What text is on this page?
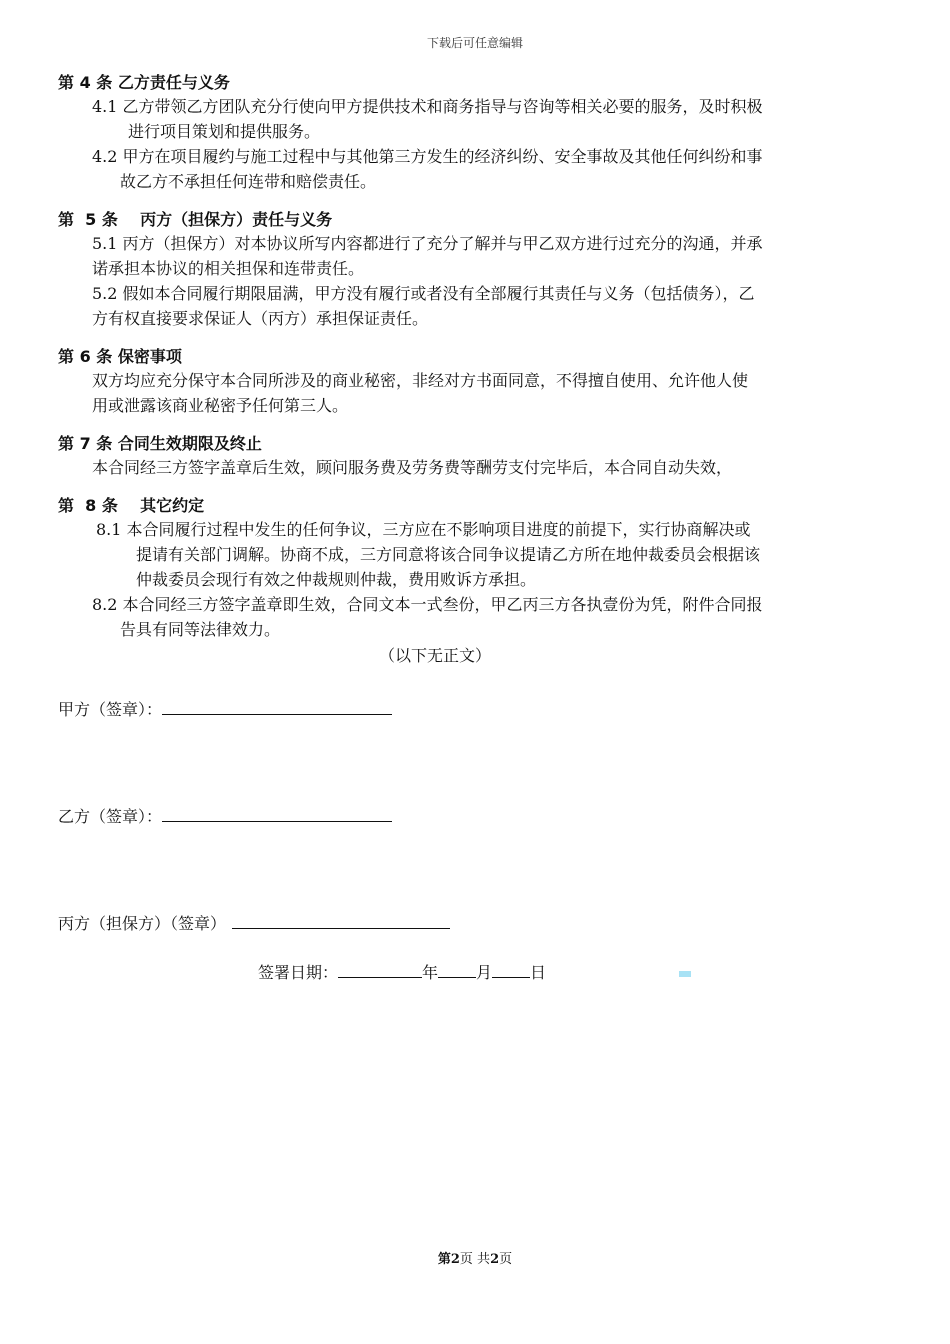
下载后可任意编辑
第 4 条 乙方责任与义务
4.1 乙方带领乙方团队充分行使向甲方提供技术和商务指导与咨询等相关必要的服务，及时积极
进行项目策划和提供服务。
4.2 甲方在项目履约与施工过程中与其他第三方发生的经济纠纷、安全事故及其他任何纠纷和事
故乙方不承担任何连带和赔偿责任。
第  5 条    丙方（担保方）责任与义务
5.1 丙方（担保方）对本协议所写内容都进行了充分了解并与甲乙双方进行过充分的沟通，并承
诺承担本协议的相关担保和连带责任。
5.2 假如本合同履行期限届满，甲方没有履行或者没有全部履行其责任与义务（包括债务），乙
方有权直接要求保证人（丙方）承担保证责任。
第 6 条 保密事项
双方均应充分保守本合同所涉及的商业秘密，非经对方书面同意，不得擅自使用、允许他人使
用或泄露该商业秘密予任何第三人。
第 7 条 合同生效期限及终止
本合同经三方签字盖章后生效，顾问服务费及劳务费等酬劳支付完毕后，本合同自动失效，
第  8 条    其它约定
8.1 本合同履行过程中发生的任何争议，三方应在不影响项目进度的前提下，实行协商解决或
提请有关部门调解。协商不成，三方同意将该合同争议提请乙方所在地仲裁委员会根据该
仲裁委员会现行有效之仲裁规则仲裁，费用败诉方承担。
8.2 本合同经三方签字盖章即生效，合同文本一式叁份，甲乙丙三方各执壹份为凭，附件合同报
告具有同等法律效力。
（以下无正文）
甲方（签章）：
乙方（签章）：
丙方（担保方）（签章）
签署日期：	年 月 日
第2页 共2页
